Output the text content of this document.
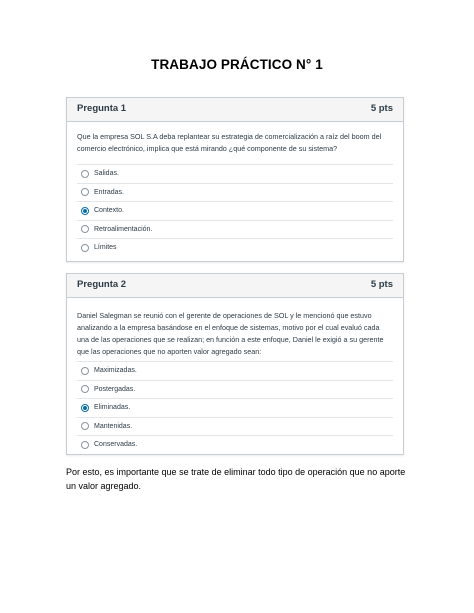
TRABAJO PRÁCTICO N° 1
Pregunta 1	5 pts
Que la empresa SOL S.A deba replantear su estrategia de comercialización a raíz del boom del comercio electrónico, implica que está mirando ¿qué componente de su sistema?
Salidas.
Entradas.
Contexto.
Retroalimentación.
Límites
Pregunta 2	5 pts
Daniel Salegman se reunió con el gerente de operaciones de SOL y le mencionó que estuvo analizando a la empresa basándose en el enfoque de sistemas, motivo por el cual evaluó cada una de las operaciones que se realizan; en función a este enfoque, Daniel le exigió a su gerente que las operaciones que no aporten valor agregado sean:
Maximizadas.
Postergadas.
Eliminadas.
Mantenidas.
Conservadas.
Por esto, es importante que se trate de eliminar todo tipo de operación que no aporte un valor agregado.
